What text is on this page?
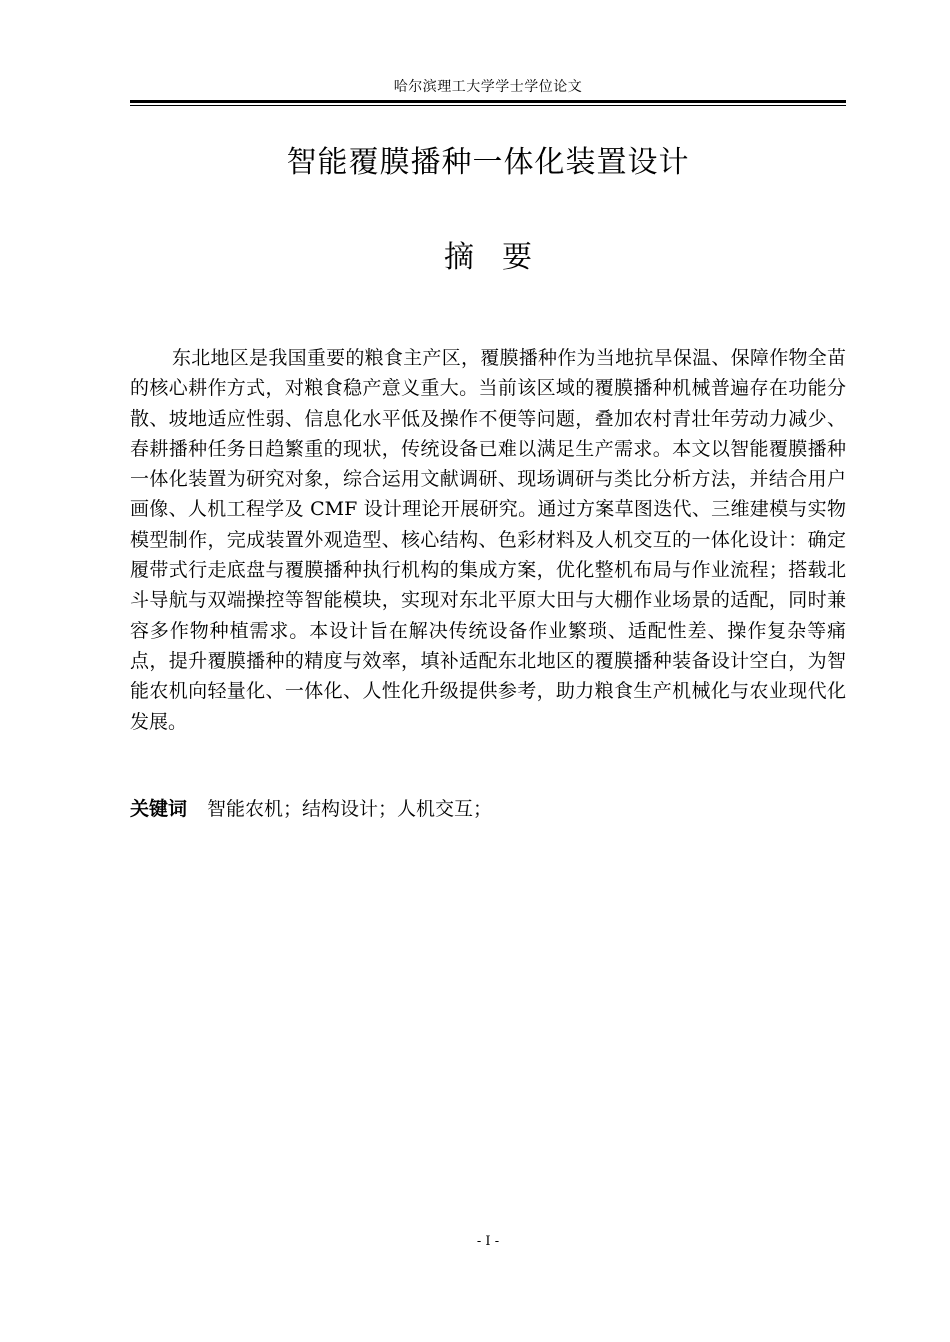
哈尔滨理工大学学士学位论文
智能覆膜播种一体化装置设计
摘要

东北地区是我国重要的粮食主产区，覆膜播种作为当地抗旱保温、保障作物全苗的核心耕作方式，对粮食稳产意义重大。当前该区域的覆膜播种机械普遍存在功能分散、坡地适应性弱、信息化水平低及操作不便等问题，叠加农村青壮年劳动力减少、春耕播种任务日趋繁重的现状，传统设备已难以满足生产需求。本文以智能覆膜播种一体化装置为研究对象，综合运用文献调研、现场调研与类比分析方法，并结合用户画像、人机工程学及 CMF 设计理论开展研究。通过方案草图迭代、三维建模与实物模型制作，完成装置外观造型、核心结构、色彩材料及人机交互的一体化设计：确定履带式行走底盘与覆膜播种执行机构的集成方案，优化整机布局与作业流程；搭载北斗导航与双端操控等智能模块，实现对东北平原大田与大棚作业场景的适配，同时兼容多作物种植需求。本设计旨在解决传统设备作业繁琐、适配性差、操作复杂等痛点，提升覆膜播种的精度与效率，填补适配东北地区的覆膜播种装备设计空白，为智能农机向轻量化、一体化、人性化升级提供参考，助力粮食生产机械化与农业现代化发展。

关键词 智能农机；结构设计；人机交互；
- I -
